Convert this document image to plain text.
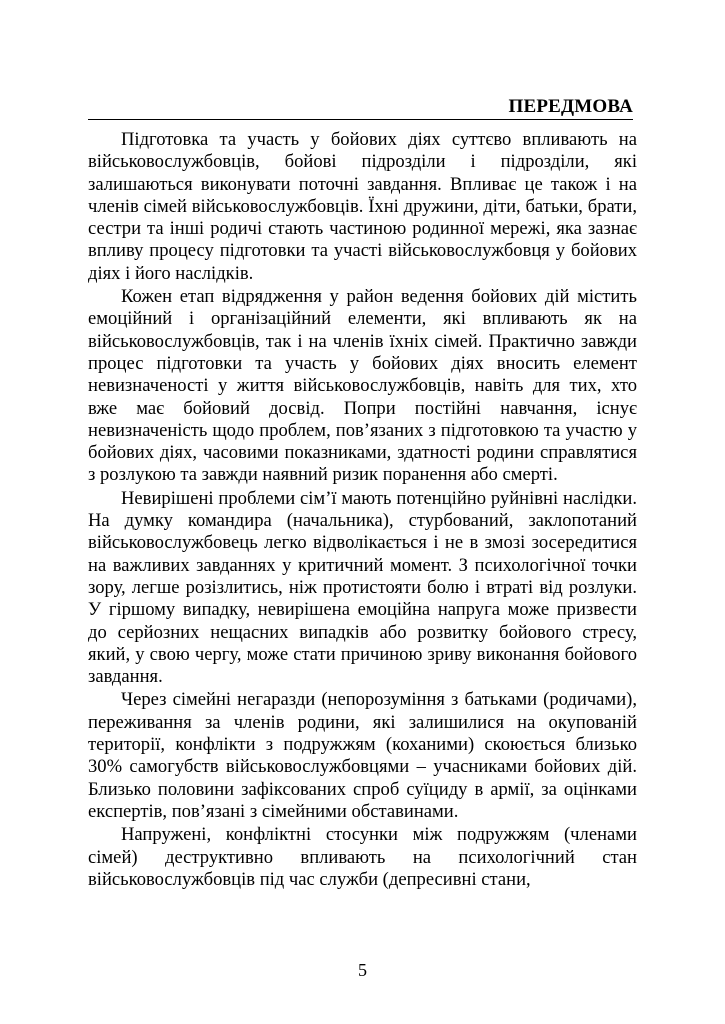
ПЕРЕДМОВА

Підготовка та участь у бойових діях суттєво впливають на військовослужбовців, бойові підрозділи і підрозділи, які залишаються виконувати поточні завдання. Впливає це також і на членів сімей військовослужбовців. Їхні дружини, діти, батьки, брати, сестри та інші родичі стають частиною родинної мережі, яка зазнає впливу процесу підготовки та участі військовослужбовця у бойових діях і його наслідків.

Кожен етап відрядження у район ведення бойових дій містить емоційний і організаційний елементи, які впливають як на військовослужбовців, так і на членів їхніх сімей. Практично завжди процес підготовки та участь у бойових діях вносить елемент невизначеності у життя військовослужбовців, навіть для тих, хто вже має бойовий досвід. Попри постійні навчання, існує невизначеність щодо проблем, пов’язаних з підготовкою та участю у бойових діях, часовими показниками, здатності родини справлятися з розлукою та завжди наявний ризик поранення або смерті.

Невирішені проблеми сім’ї мають потенційно руйнівні наслідки. На думку командира (начальника), стурбований, заклопотаний військовослужбовець легко відволікається і не в змозі зосередитися на важливих завданнях у критичний момент. З психологічної точки зору, легше розізлитись, ніж протистояти болю і втраті від розлуки. У гіршому випадку, невирішена емоційна напруга може призвести до серйозних нещасних випадків або розвитку бойового стресу, який, у свою чергу, може стати причиною зриву виконання бойового завдання.

Через сімейні негаразди (непорозуміння з батьками (родичами), переживання за членів родини, які залишилися на окупованій території, конфлікти з подружжям (коханими) скоюється близько 30% самогубств військовослужбовцями – учасниками бойових дій. Близько половини зафіксованих спроб суїциду в армії, за оцінками експертів, пов’язані з сімейними обставинами.

Напружені, конфліктні стосунки між подружжям (членами сімей) деструктивно впливають на психологічний стан військовослужбовців під час служби (депресивні стани,

5
